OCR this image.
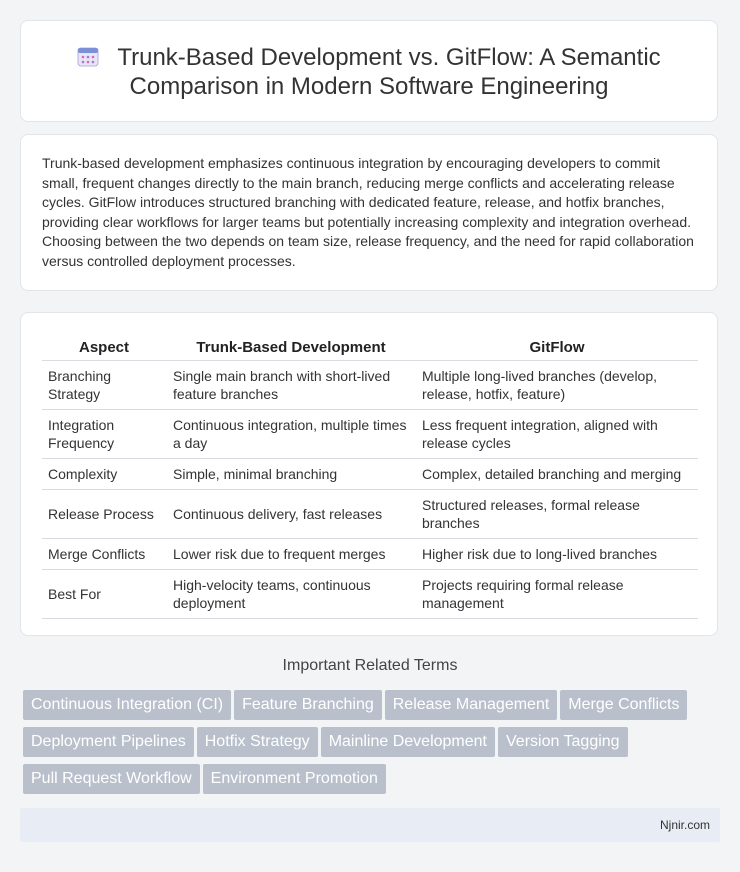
Trunk-Based Development vs. GitFlow: A Semantic
Comparison in Modern Software Engineering
Trunk-based development emphasizes continuous integration by encouraging developers to commit small, frequent changes directly to the main branch, reducing merge conflicts and accelerating release cycles. GitFlow introduces structured branching with dedicated feature, release, and hotfix branches, providing clear workflows for larger teams but potentially increasing complexity and integration overhead. Choosing between the two depends on team size, release frequency, and the need for rapid collaboration versus controlled deployment processes.
Aspect	Trunk-Based Development	GitFlow
Branching Strategy	Single main branch with short-lived feature branches	Multiple long-lived branches (develop, release, hotfix, feature)
Integration Frequency	Continuous integration, multiple times a day	Less frequent integration, aligned with release cycles
Complexity	Simple, minimal branching	Complex, detailed branching and merging
Release Process	Continuous delivery, fast releases	Structured releases, formal release branches
Merge Conflicts	Lower risk due to frequent merges	Higher risk due to long-lived branches
Best For	High-velocity teams, continuous deployment	Projects requiring formal release management
Important Related Terms
Continuous Integration (CI) Feature Branching Release Management Merge Conflicts
Deployment Pipelines Hotfix Strategy Mainline Development Version Tagging
Pull Request Workflow Environment Promotion
Njnir.com
